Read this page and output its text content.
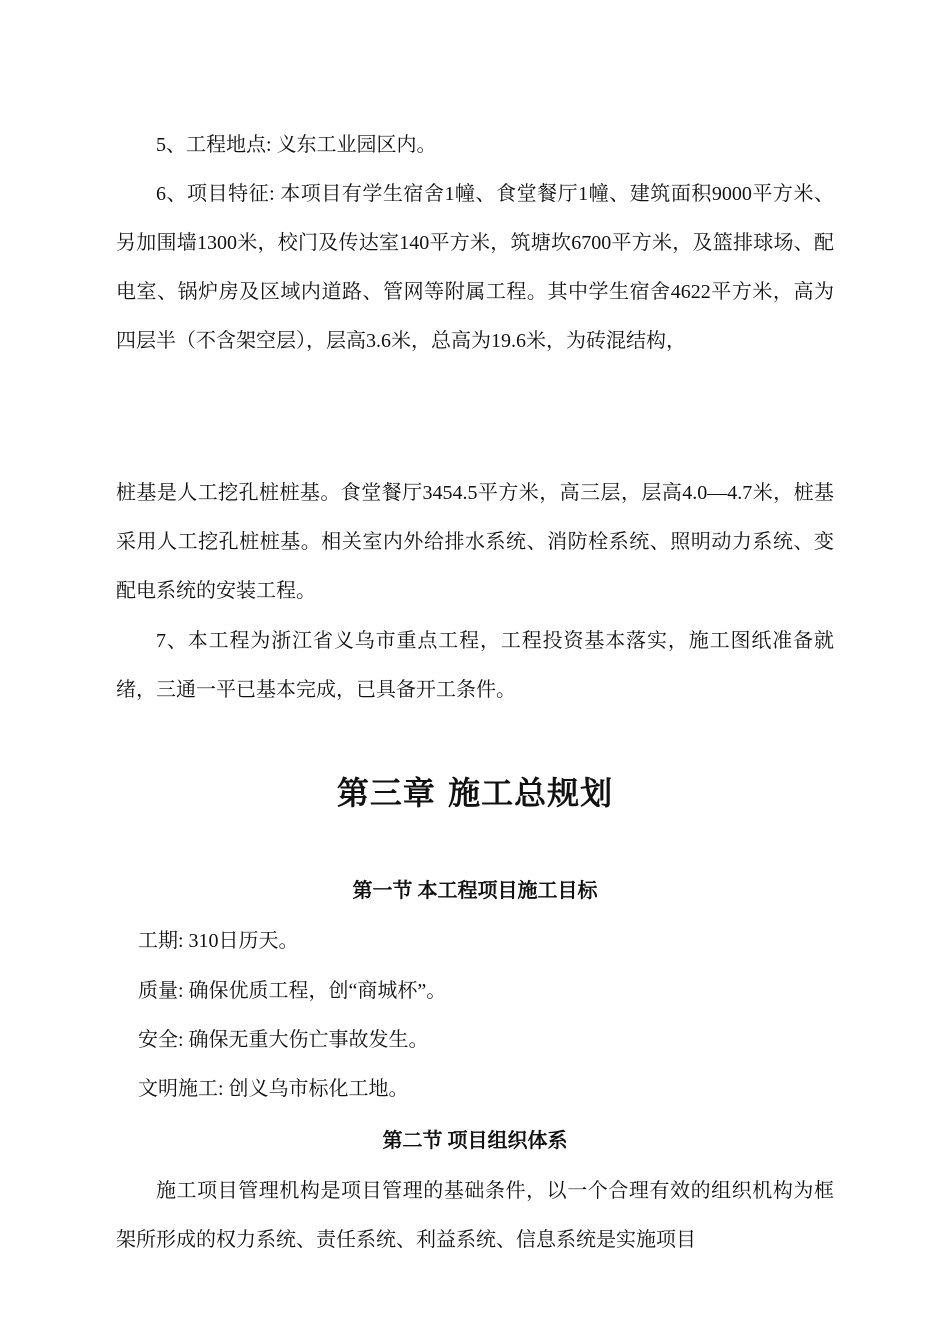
5、工程地点: 义东工业园区内。

6、项目特征: 本项目有学生宿舍1幢、食堂餐厅1幢、建筑面积9000平方米、另加围墙1300米，校门及传达室140平方米，筑塘坎6700平方米，及篮排球场、配电室、锅炉房及区域内道路、管网等附属工程。其中学生宿舍4622平方米，高为四层半（不含架空层），层高3.6米，总高为19.6米，为砖混结构，

桩基是人工挖孔桩桩基。食堂餐厅3454.5平方米，高三层，层高4.0—4.7米，桩基采用人工挖孔桩桩基。相关室内外给排水系统、消防栓系统、照明动力系统、变配电系统的安装工程。

7、本工程为浙江省义乌市重点工程，工程投资基本落实，施工图纸准备就绪，三通一平已基本完成，已具备开工条件。

第三章 施工总规划
第一节 本工程项目施工目标

工期: 310日历天。

质量: 确保优质工程，创“商城杯”。

安全: 确保无重大伤亡事故发生。

文明施工: 创义乌市标化工地。

第二节 项目组织体系

施工项目管理机构是项目管理的基础条件，以一个合理有效的组织机构为框架所形成的权力系统、责任系统、利益系统、信息系统是实施项目
